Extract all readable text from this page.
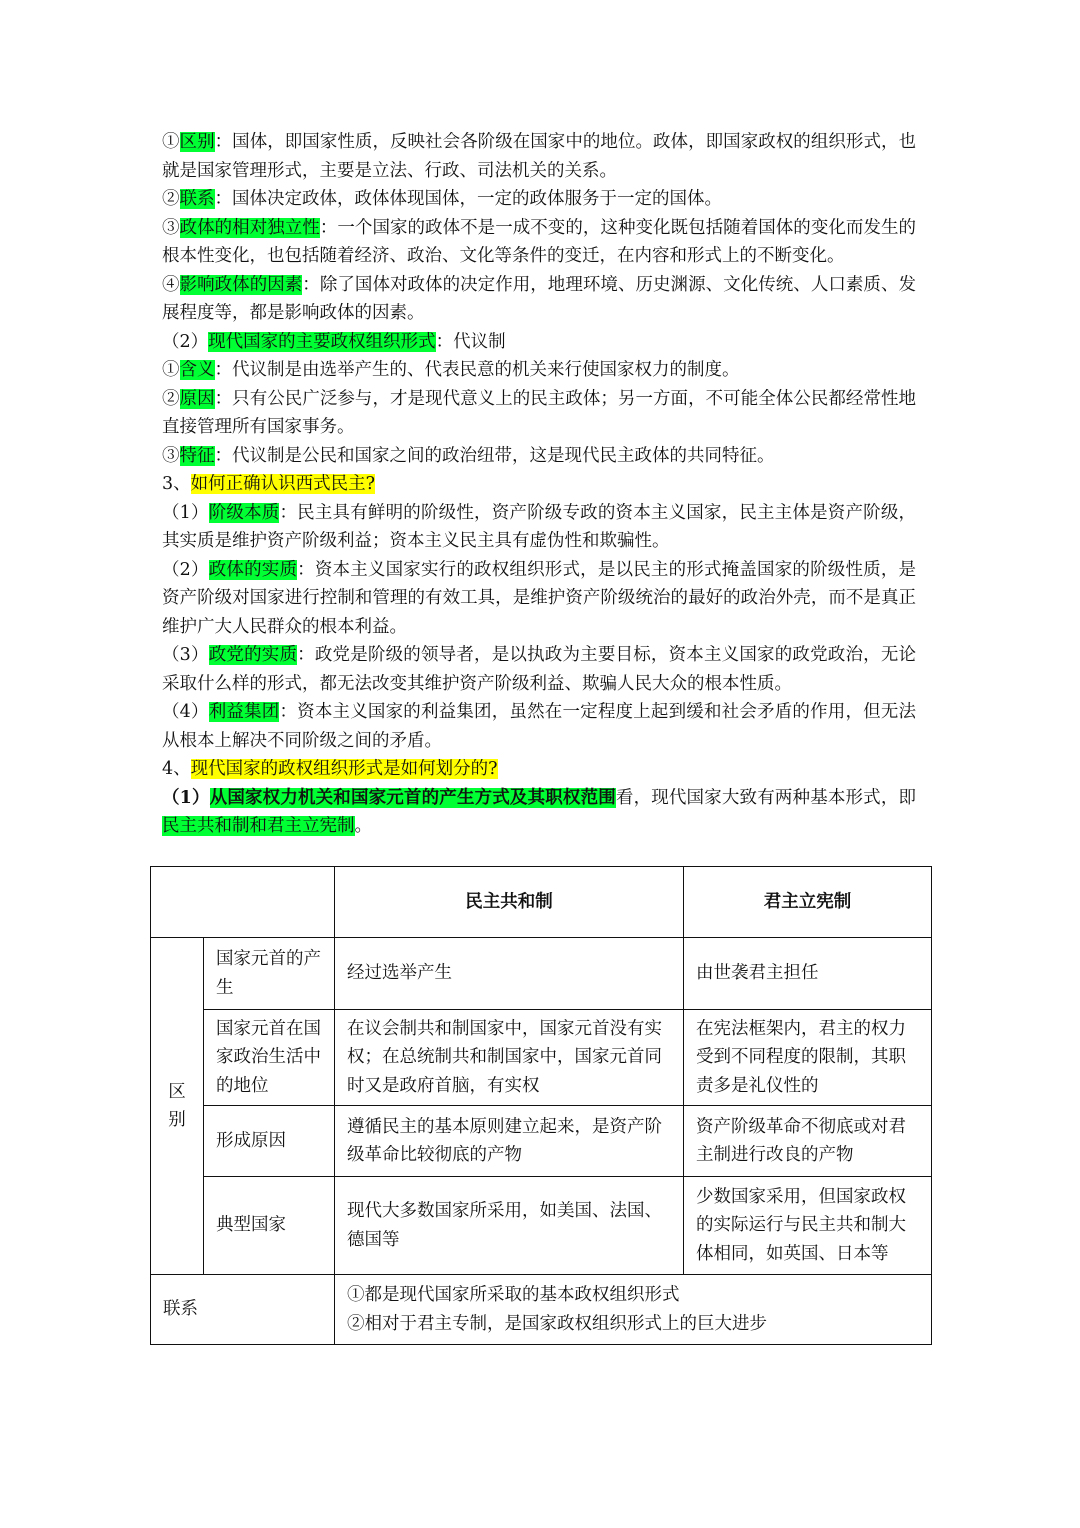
①区别：国体，即国家性质，反映社会各阶级在国家中的地位。政体，即国家政权的组织形式，也就是国家管理形式，主要是立法、行政、司法机关的关系。

②联系：国体决定政体，政体体现国体，一定的政体服务于一定的国体。

③政体的相对独立性：一个国家的政体不是一成不变的，这种变化既包括随着国体的变化而发生的根本性变化，也包括随着经济、政治、文化等条件的变迁，在内容和形式上的不断变化。

④影响政体的因素：除了国体对政体的决定作用，地理环境、历史渊源、文化传统、人口素质、发展程度等，都是影响政体的因素。

（2）现代国家的主要政权组织形式：代议制

①含义：代议制是由选举产生的、代表民意的机关来行使国家权力的制度。

②原因：只有公民广泛参与，才是现代意义上的民主政体；另一方面，不可能全体公民都经常性地直接管理所有国家事务。

③特征：代议制是公民和国家之间的政治纽带，这是现代民主政体的共同特征。

3、如何正确认识西式民主?

（1）阶级本质：民主具有鲜明的阶级性，资产阶级专政的资本主义国家，民主主体是资产阶级，其实质是维护资产阶级利益；资本主义民主具有虚伪性和欺骗性。

（2）政体的实质：资本主义国家实行的政权组织形式，是以民主的形式掩盖国家的阶级性质，是资产阶级对国家进行控制和管理的有效工具，是维护资产阶级统治的最好的政治外壳，而不是真正维护广大人民群众的根本利益。

（3）政党的实质：政党是阶级的领导者，是以执政为主要目标，资本主义国家的政党政治，无论采取什么样的形式，都无法改变其维护资产阶级利益、欺骗人民大众的根本性质。

（4）利益集团：资本主义国家的利益集团，虽然在一定程度上起到缓和社会矛盾的作用，但无法从根本上解决不同阶级之间的矛盾。

4、现代国家的政权组织形式是如何划分的?

（1）从国家权力机关和国家元首的产生方式及其职权范围看，现代国家大致有两种基本形式，即民主共和制和君主立宪制。

		民主共和制	君主立宪制
区别	国家元首的产生	经过选举产生	由世袭君主担任
	国家元首在国家政治生活中的地位	在议会制共和制国家中，国家元首没有实权；在总统制共和制国家中，国家元首同时又是政府首脑，有实权	在宪法框架内，君主的权力受到不同程度的限制，其职责多是礼仪性的
	形成原因	遵循民主的基本原则建立起来，是资产阶级革命比较彻底的产物	资产阶级革命不彻底或对君主制进行改良的产物
	典型国家	现代大多数国家所采用，如美国、法国、德国等	少数国家采用，但国家政权的实际运行与民主共和制大体相同，如英国、日本等
联系		①都是现代国家所采取的基本政权组织形式
②相对于君主专制，是国家政权组织形式上的巨大进步	
